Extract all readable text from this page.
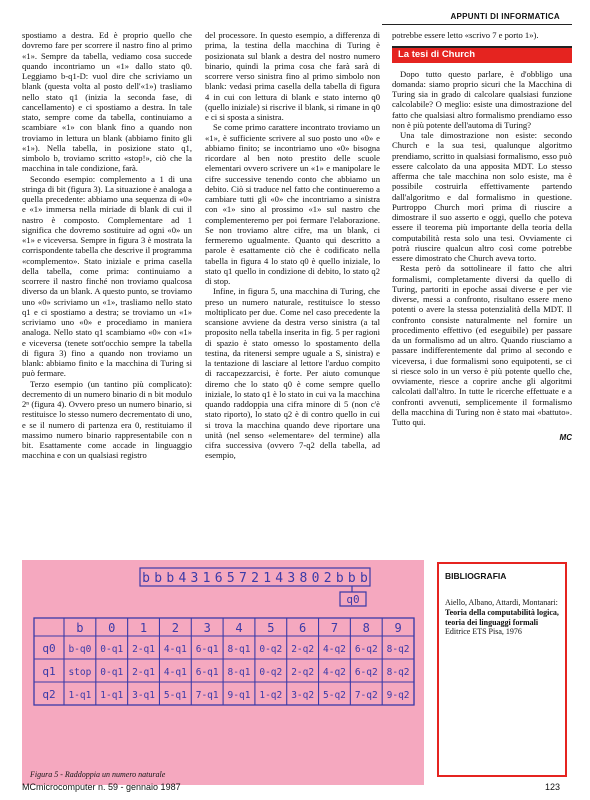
APPUNTI DI INFORMATICA

spostiamo a destra. Ed è proprio quello che dovremo fare per scorrere il nastro fino al primo «1». Sempre da tabella, vediamo cosa succede quando incontriamo un «1» dallo stato q0. Leggiamo b-q1-D: vuol dire che scriviamo un blank (questa volta al posto dell'«1») trasliamo nello stato q1 (inizia la seconda fase, di cancellamento) e ci spostiamo a destra. In tale stato, sempre come da tabella, continuiamo a scambiare «1» con blank fino a quando non troviamo in lettura un blank (abbiamo finito gli «1»). Nella tabella, in posizione stato q1, simbolo b, troviamo scritto «stop!», ciò che la macchina in tale condizione, farà.

Secondo esempio: complemento a 1 di una stringa di bit (figura 3). La situazione è analoga a quella precedente: abbiamo una sequenza di «0» e «1» immersa nella miriade di blank di cui il nastro è composto. Complementare ad 1 significa che dovremo sostituire ad ogni «0» un «1» e viceversa. Sempre in figura 3 è mostrata la corrispondente tabella che descrive il programma «complemento». Stato iniziale e prima casella della tabella, come prima: continuiamo a scorrere il nastro finché non troviamo qualcosa diverso da un blank. A questo punto, se troviamo uno «0» scriviamo un «1», trasliamo nello stato q1 e ci spostiamo a destra; se troviamo un «1» scriviamo uno «0» e procediamo in maniera analoga. Nello stato q1 scambiamo «0» con «1» e viceversa (tenete sott'occhio sempre la tabella di figura 3) fino a quando non troviamo un blank: abbiamo finito e la macchina di Turing si può fermare.

Terzo esempio (un tantino più complicato): decremento di un numero binario di n bit modulo 2ⁿ (figura 4). Ovvero preso un numero binario, si restituisce lo stesso numero decrementato di uno, e se il numero di partenza era 0, restituiamo il massimo numero binario rappresentabile con n bit. Esattamente come accade in linguaggio macchina e con un qualsiasi registro

del processore. In questo esempio, a differenza di prima, la testina della macchina di Turing è posizionata sul blank a destra del nostro numero binario, quindi la prima cosa che farà sarà di scorrere verso sinistra fino al primo simbolo non blank: vedasi prima casella della tabella di figura 4 in cui con lettura di blank e stato interno q0 (quello iniziale) si riscrive il blank, si rimane in q0 e ci si sposta a sinistra.

Se come primo carattere incontrato troviamo un «1», è sufficiente scrivere al suo posto uno «0» e abbiamo finito; se incontriamo uno «0» bisogna ricordare al ben noto prestito delle scuole elementari ovvero scrivere un «1» e manipolare le cifre successive tenendo conto che abbiamo un debito. Ciò si traduce nel fatto che continueremo a cambiare tutti gli «0» che incontriamo a sinistra con «1» sino al prossimo «1» sul nastro che complementeremo per poi fermare l'elaborazione. Se non troviamo altre cifre, ma un blank, ci fermeremo ugualmente. Quanto qui descritto a parole è esattamente ciò che è codificato nella tabella in figura 4 lo stato q0 è quello iniziale, lo stato q1 quello in condizione di debito, lo stato q2 di stop.

Infine, in figura 5, una macchina di Turing, che preso un numero naturale, restituisce lo stesso moltiplicato per due. Come nel caso precedente la scansione avviene da destra verso sinistra (a tal proposito nella tabella inserita in fig. 5 per ragioni di spazio è stato omesso lo spostamento della testina, da ritenersi sempre uguale a S, sinistra) e la tentazione di lasciare al lettore l'arduo compito di raccapezzarcisi, è forte. Per aiuto comunque diremo che lo stato q0 è come sempre quello iniziale, lo stato q1 è lo stato in cui va la macchina quando raddoppia una cifra minore di 5 (non c'è stato riporto), lo stato q2 è di contro quello in cui si trova la macchina quando deve riportare una unità (nel senso «elementare» del termine) alla cifra successiva (ovvero 7-q2 della tabella, ad esempio,

potrebbe essere letto «scrivo 7 e porto 1»).

La tesi di Church

Dopo tutto questo parlare, è d'obbligo una domanda: siamo proprio sicuri che la Macchina di Turing sia in grado di calcolare qualsiasi funzione calcolabile? O meglio: esiste una dimostrazione del fatto che qualsiasi altro formalismo prendiamo esso non è più potente dell'automa di Turing?

Una tale dimostrazione non esiste: secondo Church e la sua tesi, qualunque algoritmo prendiamo, scritto in qualsiasi formalismo, esso può essere calcolato da una apposita MDT. Lo stesso afferma che tale macchina non solo esiste, ma è possibile costruirla effettivamente partendo dall'algoritmo e dal formalismo in questione. Purtroppo Church morì prima di riuscire a dimostrare il suo asserto e oggi, quello che poteva essere il teorema più importante della teoria della computabilità resta solo una tesi. Ovviamente ci potrà riuscire qualcun altro così come potrebbe essere dimostrato che Church aveva torto.

Resta però da sottolineare il fatto che altri formalismi, completamente diversi da quello di Turing, partoriti in epoche assai diverse e per vie diverse, messi a confronto, risultano essere meno potenti o avere la stessa potenzialità della MDT. Il confronto consiste naturalmente nel fornire un procedimento effettivo (ed eseguibile) per passare da un formalismo ad un altro. Quando riusciamo a passare indifferentemente dal primo al secondo e viceversa, i due formalismi sono equipotenti, se ci si riesce solo in un verso è più potente quello che, ovviamente, riesce a coprire anche gli algoritmi calcolati dall'altro. In tutte le ricerche effettuate e a confronti avvenuti, semplicemente il formalismo della macchina di Turing non è stato mai «battuto». Tutto qui.

MC
b b b 4 3 1 6 5 7 2 1 4 3 8 0 2 b b b
q0
b 0 1 2 3 4 5 6 7 8 9
q0 b-q0 0-q1 2-q1 4-q1 6-q1 8-q1 0-q2 2-q2 4-q2 6-q2 8-q2
q1 stop 0-q1 2-q1 4-q1 6-q1 8-q1 0-q2 2-q2 4-q2 6-q2 8-q2
q2 1-q1 1-q1 3-q1 5-q1 7-q1 9-q1 1-q2 3-q2 5-q2 7-q2 9-q2
Figura 5 - Raddoppia un numero naturale
BIBLIOGRAFIA
Aiello, Albano, Attardi, Montanari:
Teoria della computabilità logica, teoria dei linguaggi formali
Editrice ETS Pisa, 1976
MCmicrocomputer n. 59 - gennaio 1987	123
